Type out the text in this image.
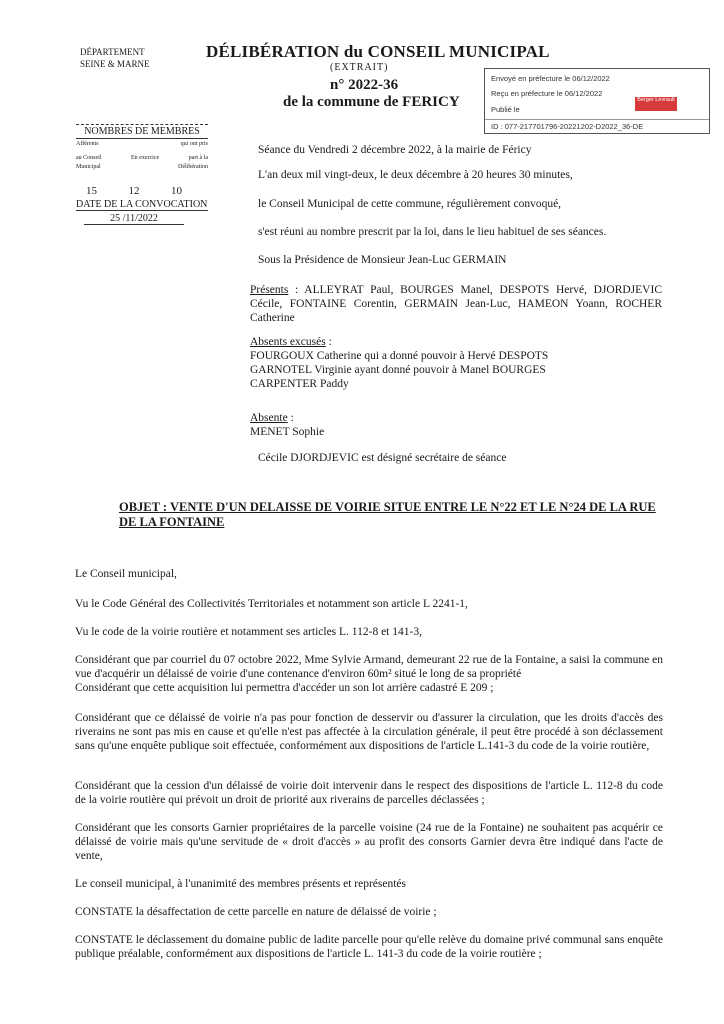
DÉPARTEMENT
SEINE & MARNE
DÉLIBÉRATION du CONSEIL MUNICIPAL
(EXTRAIT)
n° 2022-36
de la commune de FERICY
Envoyé en préfecture le 06/12/2022
Reçu en préfecture le 06/12/2022
Publié le
Berger Levrault
ID : 077-217701796-20221202-D2022_36-DE
NOMBRES DE MEMBRES
Afférents	qui ont pris
au Conseil	En exercice	part à la
Municipal	Délibération
15	12	10
DATE DE LA CONVOCATION
25 /11/2022
Séance du Vendredi 2 décembre 2022, à la mairie de Féricy
L'an deux mil vingt-deux, le deux décembre à 20 heures 30 minutes,
le Conseil Municipal de cette commune, régulièrement convoqué,
s'est réuni au nombre prescrit par la loi, dans le lieu habituel de ses séances.
Sous la Présidence de Monsieur Jean-Luc GERMAIN
Présents : ALLEYRAT Paul, BOURGES Manel, DESPOTS Hervé, DJORDJEVIC Cécile, FONTAINE Corentin, GERMAIN Jean-Luc, HAMEON Yoann, ROCHER Catherine
Absents excusés :
FOURGOUX Catherine qui a donné pouvoir à Hervé DESPOTS
GARNOTEL Virginie ayant donné pouvoir à Manel BOURGES
CARPENTER Paddy
Absente :
MENET Sophie
Cécile DJORDJEVIC est désigné secrétaire de séance
OBJET : VENTE D'UN DELAISSE DE VOIRIE SITUE ENTRE LE N°22 ET LE N°24 DE LA RUE DE LA FONTAINE
Le Conseil municipal,
Vu le Code Général des Collectivités Territoriales et notamment son article L 2241-1,
Vu le code de la voirie routière et notamment ses articles L. 112-8 et 141-3,
Considérant que par courriel du 07 octobre 2022, Mme Sylvie Armand, demeurant 22 rue de la Fontaine, a saisi la commune en vue d'acquérir un délaissé de voirie d'une contenance d'environ 60m² situé le long de sa propriété
Considérant que cette acquisition lui permettra d'accéder un son lot arrière cadastré E 209 ;
Considérant que ce délaissé de voirie n'a pas pour fonction de desservir ou d'assurer la circulation, que les droits d'accès des riverains ne sont pas mis en cause et qu'elle n'est pas affectée à la circulation générale, il peut être procédé à son déclassement sans qu'une enquête publique soit effectuée, conformément aux dispositions de l'article L.141-3 du code de la voirie routière,
Considérant que la cession d'un délaissé de voirie doit intervenir dans le respect des dispositions de l'article L. 112-8 du code de la voirie routière qui prévoit un droit de priorité aux riverains de parcelles déclassées ;
Considérant que les consorts Garnier propriétaires de la parcelle voisine (24 rue de la Fontaine) ne souhaitent pas acquérir ce délaissé de voirie mais qu'une servitude de « droit d'accès » au profit des consorts Garnier devra être indiqué dans l'acte de vente,
Le conseil municipal, à l'unanimité des membres présents et représentés
CONSTATE la désaffectation de cette parcelle en nature de délaissé de voirie ;
CONSTATE le déclassement du domaine public de ladite parcelle pour qu'elle relève du domaine privé communal sans enquête publique préalable, conformément aux dispositions de l'article L. 141-3 du code de la voirie routière ;
